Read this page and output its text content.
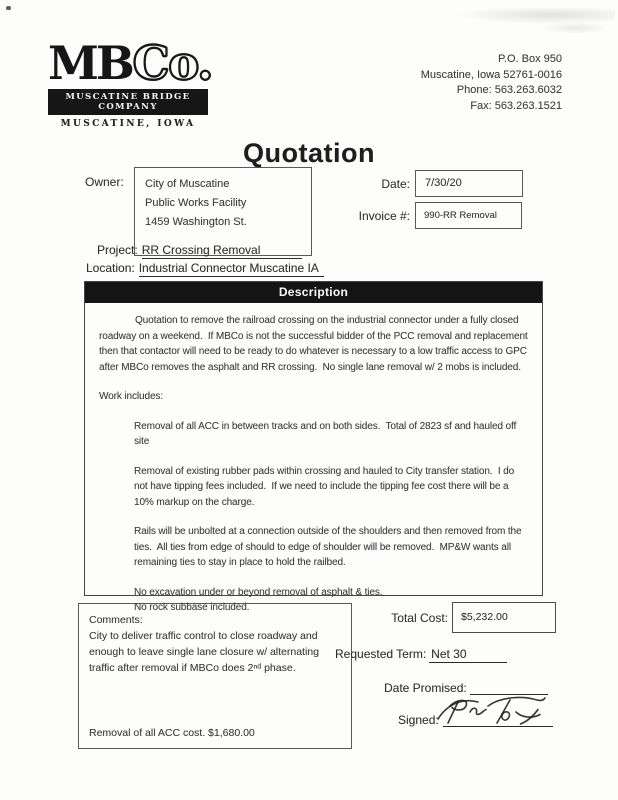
MBCo.
MUSCATINE BRIDGE COMPANY
MUSCATINE, IOWA
P.O. Box 950
Muscatine, Iowa 52761-0016
Phone: 563.263.6032
Fax: 563.263.1521
Quotation
Owner: City of Muscatine
Public Works Facility
1459 Washington St.
Date:	7/30/20
Invoice #:	990-RR Removal
Project: RR Crossing Removal
Location: Industrial Connector Muscatine IA
Description

Quotation to remove the railroad crossing on the industrial connector under a fully closed roadway on a weekend.  If MBCo is not the successful bidder of the PCC removal and replacement then that contactor will need to be ready to do whatever is necessary to a low traffic access to GPC after MBCo removes the asphalt and RR crossing.  No single lane removal w/ 2 mobs is included.

Work includes:

Removal of all ACC in between tracks and on both sides.  Total of 2823 sf and hauled off site

Removal of existing rubber pads within crossing and hauled to City transfer station.  I do not have tipping fees included.  If we need to include the tipping fee cost there will be a 10% markup on the charge.

Rails will be unbolted at a connection outside of the shoulders and then removed from the ties.  All ties from edge of should to edge of shoulder will be removed.  MP&W wants all remaining ties to stay in place to hold the railbed.

No excavation under or beyond removal of asphalt & ties.

No rock subbase included.

Comments:
City to deliver traffic control to close roadway and enough to leave single lane closure w/ alternating traffic after removal if MBCo does 2ⁿᵈ phase.
Removal of all ACC cost. $1,680.00
Total Cost:	$5,232.00
Requested Term: Net 30
Date Promised:
Signed:
